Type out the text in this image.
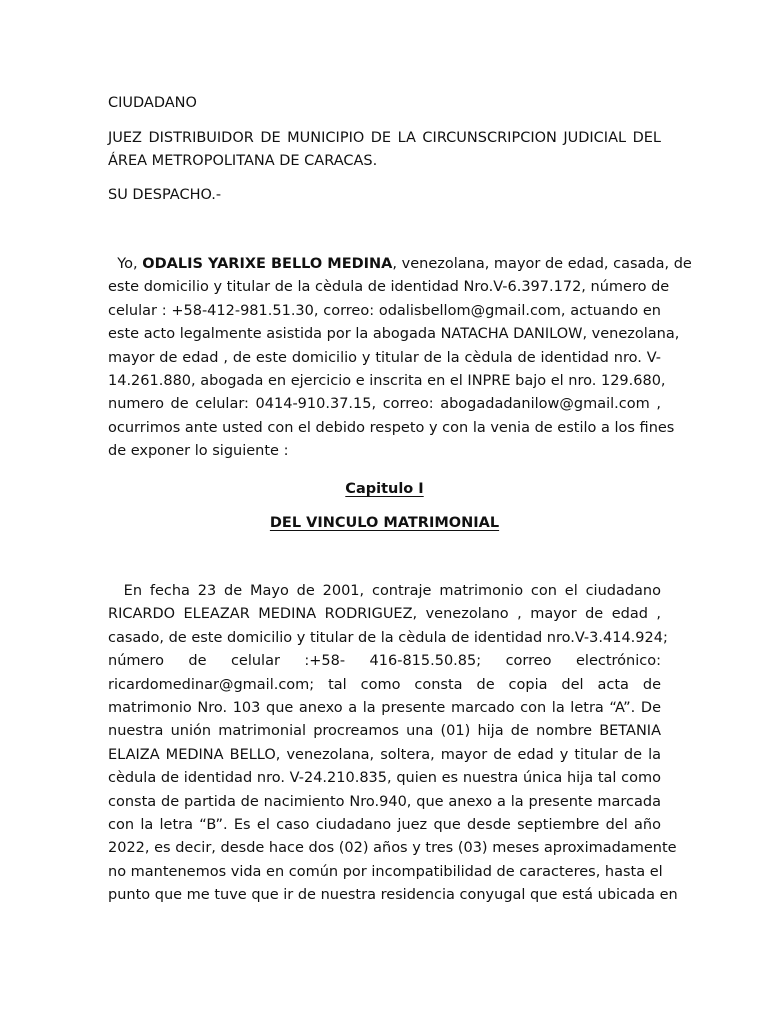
CIUDADANO
JUEZ DISTRIBUIDOR DE MUNICIPIO DE LA CIRCUNSCRIPCION JUDICIAL DEL
ÁREA METROPOLITANA DE CARACAS.
SU DESPACHO.-
Yo, ODALIS YARIXE BELLO MEDINA, venezolana, mayor de edad, casada, de
este domicilio y titular de la cèdula de identidad Nro.V-6.397.172, número de
celular : +58-412-981.51.30, correo: odalisbellom@gmail.com, actuando en
este acto legalmente asistida por la abogada NATACHA DANILOW, venezolana,
mayor de edad , de este domicilio y titular de la cèdula de identidad nro. V-
14.261.880, abogada en ejercicio e inscrita en el INPRE bajo el nro. 129.680,
numero de celular: 0414-910.37.15, correo: abogadadanilow@gmail.com ,
ocurrimos ante usted con el debido respeto y con la venia de estilo a los fines
de exponer lo siguiente :
Capitulo I
DEL VINCULO MATRIMONIAL
En fecha 23 de Mayo de 2001, contraje matrimonio con el ciudadano
RICARDO ELEAZAR MEDINA RODRIGUEZ, venezolano , mayor de edad ,
casado, de este domicilio y titular de la cèdula de identidad nro.V-3.414.924;
número de celular :+58- 416-815.50.85; correo electrónico:
ricardomedinar@gmail.com; tal como consta de copia del acta de
matrimonio Nro. 103 que anexo a la presente marcado con la letra “A”. De
nuestra unión matrimonial procreamos una (01) hija de nombre BETANIA
ELAIZA MEDINA BELLO, venezolana, soltera, mayor de edad y titular de la
cèdula de identidad nro. V-24.210.835, quien es nuestra única hija tal como
consta de partida de nacimiento Nro.940, que anexo a la presente marcada
con la letra “B”. Es el caso ciudadano juez que desde septiembre del año
2022, es decir, desde hace dos (02) años y tres (03) meses aproximadamente
no mantenemos vida en común por incompatibilidad de caracteres, hasta el
punto que me tuve que ir de nuestra residencia conyugal que está ubicada en
